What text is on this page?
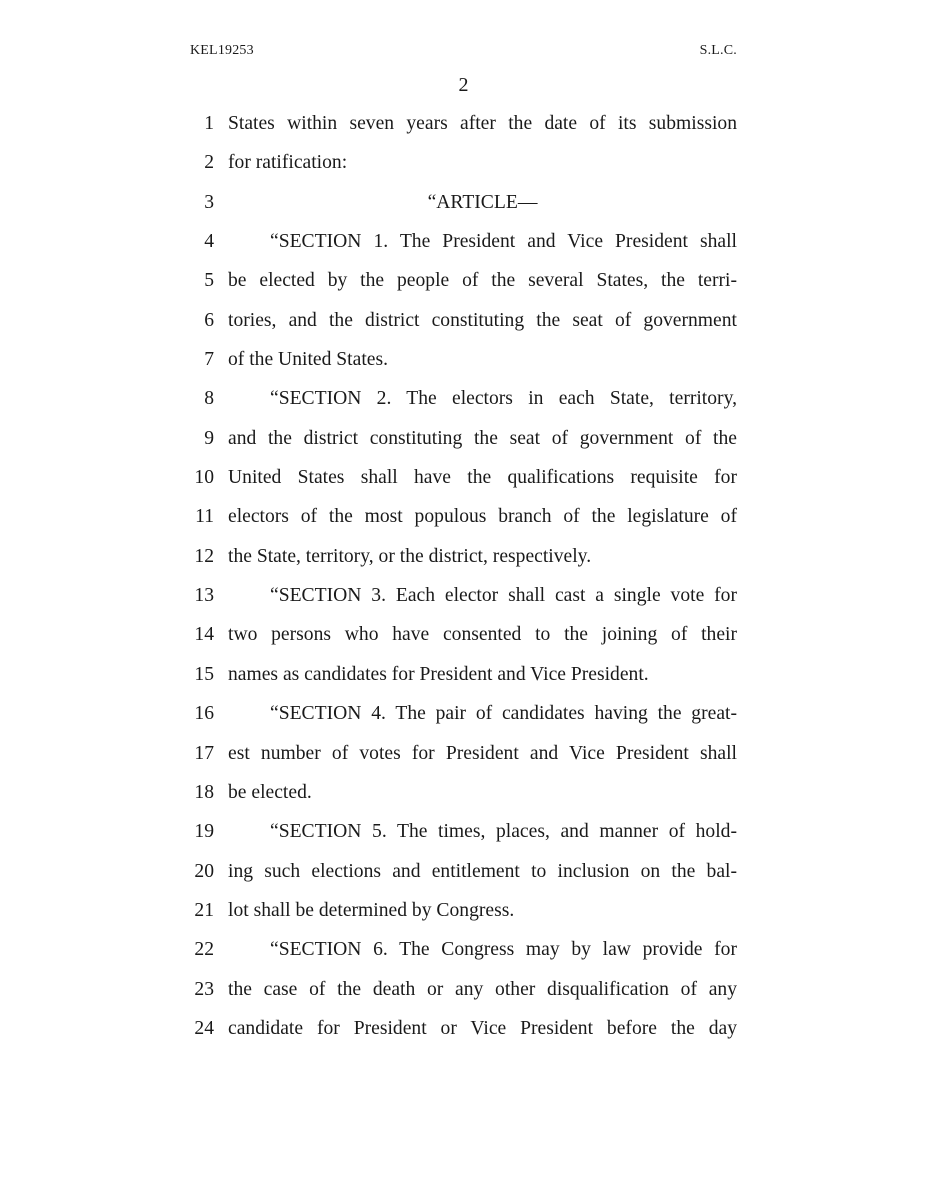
KEL19253	S.L.C.
2
1 States within seven years after the date of its submission
2 for ratification:
3	“ARTICLE—
4	“SECTION 1. The President and Vice President shall
5 be elected by the people of the several States, the terri-
6 tories, and the district constituting the seat of government
7 of the United States.
8	“SECTION 2. The electors in each State, territory,
9 and the district constituting the seat of government of the
10 United States shall have the qualifications requisite for
11 electors of the most populous branch of the legislature of
12 the State, territory, or the district, respectively.
13	“SECTION 3. Each elector shall cast a single vote for
14 two persons who have consented to the joining of their
15 names as candidates for President and Vice President.
16	“SECTION 4. The pair of candidates having the great-
17 est number of votes for President and Vice President shall
18 be elected.
19	“SECTION 5. The times, places, and manner of hold-
20 ing such elections and entitlement to inclusion on the bal-
21 lot shall be determined by Congress.
22	“SECTION 6. The Congress may by law provide for
23 the case of the death or any other disqualification of any
24 candidate for President or Vice President before the day
